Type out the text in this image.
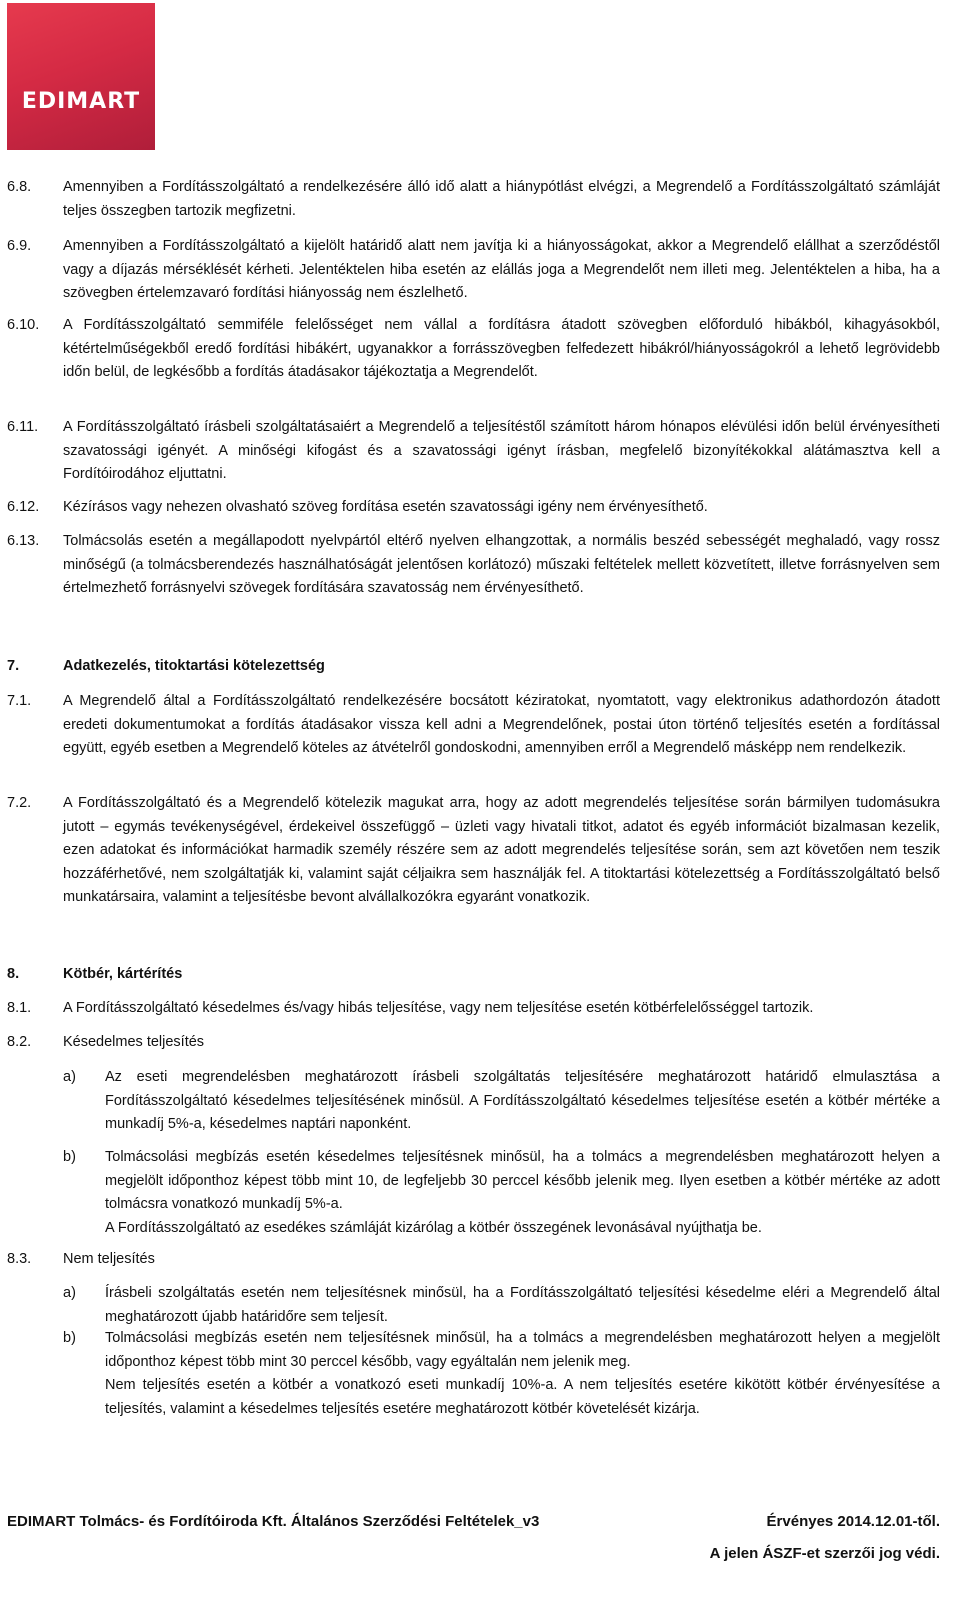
EDIMART
6.8. Amennyiben a Fordításszolgáltató a rendelkezésére álló idő alatt a hiánypótlást elvégzi, a Megrendelő a Fordításszolgáltató számláját teljes összegben tartozik megfizetni.
6.9. Amennyiben a Fordításszolgáltató a kijelölt határidő alatt nem javítja ki a hiányosságokat, akkor a Megrendelő elállhat a szerződéstől vagy a díjazás mérséklését kérheti. Jelentéktelen hiba esetén az elállás joga a Megrendelőt nem illeti meg. Jelentéktelen a hiba, ha a szövegben értelemzavaró fordítási hiányosság nem észlelhető.
6.10. A Fordításszolgáltató semmiféle felelősséget nem vállal a fordításra átadott szövegben előforduló hibákból, kihagyásokból, kétértelműségekből eredő fordítási hibákért, ugyanakkor a forrásszövegben felfedezett hibákról/hiányosságokról a lehető legrövidebb időn belül, de legkésőbb a fordítás átadásakor tájékoztatja a Megrendelőt.
6.11. A Fordításszolgáltató írásbeli szolgáltatásaiért a Megrendelő a teljesítéstől számított három hónapos elévülési időn belül érvényesítheti szavatossági igényét. A minőségi kifogást és a szavatossági igényt írásban, megfelelő bizonyítékokkal alátámasztva kell a Fordítóirodához eljuttatni.
6.12. Kézírásos vagy nehezen olvasható szöveg fordítása esetén szavatossági igény nem érvényesíthető.
6.13. Tolmácsolás esetén a megállapodott nyelvpártól eltérő nyelven elhangzottak, a normális beszéd sebességét meghaladó, vagy rossz minőségű (a tolmácsberendezés használhatóságát jelentősen korlátozó) műszaki feltételek mellett közvetített, illetve forrásnyelven sem értelmezhető forrásnyelvi szövegek fordítására szavatosság nem érvényesíthető.
7.	Adatkezelés, titoktartási kötelezettség
7.1. A Megrendelő által a Fordításszolgáltató rendelkezésére bocsátott kéziratokat, nyomtatott, vagy elektronikus adathordozón átadott eredeti dokumentumokat a fordítás átadásakor vissza kell adni a Megrendelőnek, postai úton történő teljesítés esetén a fordítással együtt, egyéb esetben a Megrendelő köteles az átvételről gondoskodni, amennyiben erről a Megrendelő másképp nem rendelkezik.
7.2. A Fordításszolgáltató és a Megrendelő kötelezik magukat arra, hogy az adott megrendelés teljesítése során bármilyen tudomásukra jutott – egymás tevékenységével, érdekeivel összefüggő – üzleti vagy hivatali titkot, adatot és egyéb információt bizalmasan kezelik, ezen adatokat és információkat harmadik személy részére sem az adott megrendelés teljesítése során, sem azt követően nem teszik hozzáférhetővé, nem szolgáltatják ki, valamint saját céljaikra sem használják fel. A titoktartási kötelezettség a Fordításszolgáltató belső munkatársaira, valamint a teljesítésbe bevont alvállalkozókra egyaránt vonatkozik.
8.	Kötbér, kártérítés
8.1. A Fordításszolgáltató késedelmes és/vagy hibás teljesítése, vagy nem teljesítése esetén kötbérfelelősséggel tartozik.
8.2. Késedelmes teljesítés
a) Az eseti megrendelésben meghatározott írásbeli szolgáltatás teljesítésére meghatározott határidő elmulasztása a Fordításszolgáltató késedelmes teljesítésének minősül. A Fordításszolgáltató késedelmes teljesítése esetén a kötbér mértéke a munkadíj 5%-a, késedelmes naptári naponként.
b) Tolmácsolási megbízás esetén késedelmes teljesítésnek minősül, ha a tolmács a megrendelésben meghatározott helyen a megjelölt időponthoz képest több mint 10, de legfeljebb 30 perccel később jelenik meg. Ilyen esetben a kötbér mértéke az adott tolmácsra vonatkozó munkadíj 5%-a.
A Fordításszolgáltató az esedékes számláját kizárólag a kötbér összegének levonásával nyújthatja be.
8.3. Nem teljesítés
a) Írásbeli szolgáltatás esetén nem teljesítésnek minősül, ha a Fordításszolgáltató teljesítési késedelme eléri a Megrendelő által meghatározott újabb határidőre sem teljesít.
b) Tolmácsolási megbízás esetén nem teljesítésnek minősül, ha a tolmács a megrendelésben meghatározott helyen a megjelölt időponthoz képest több mint 30 perccel később, vagy egyáltalán nem jelenik meg.
Nem teljesítés esetén a kötbér a vonatkozó eseti munkadíj 10%-a. A nem teljesítés esetére kikötött kötbér érvényesítése a teljesítés, valamint a késedelmes teljesítés esetére meghatározott kötbér követelését kizárja.
EDIMART Tolmács- és Fordítóiroda Kft. Általános Szerződési Feltételek_v3	Érvényes 2014.12.01-től.
A jelen ÁSZF-et szerzői jog védi.
